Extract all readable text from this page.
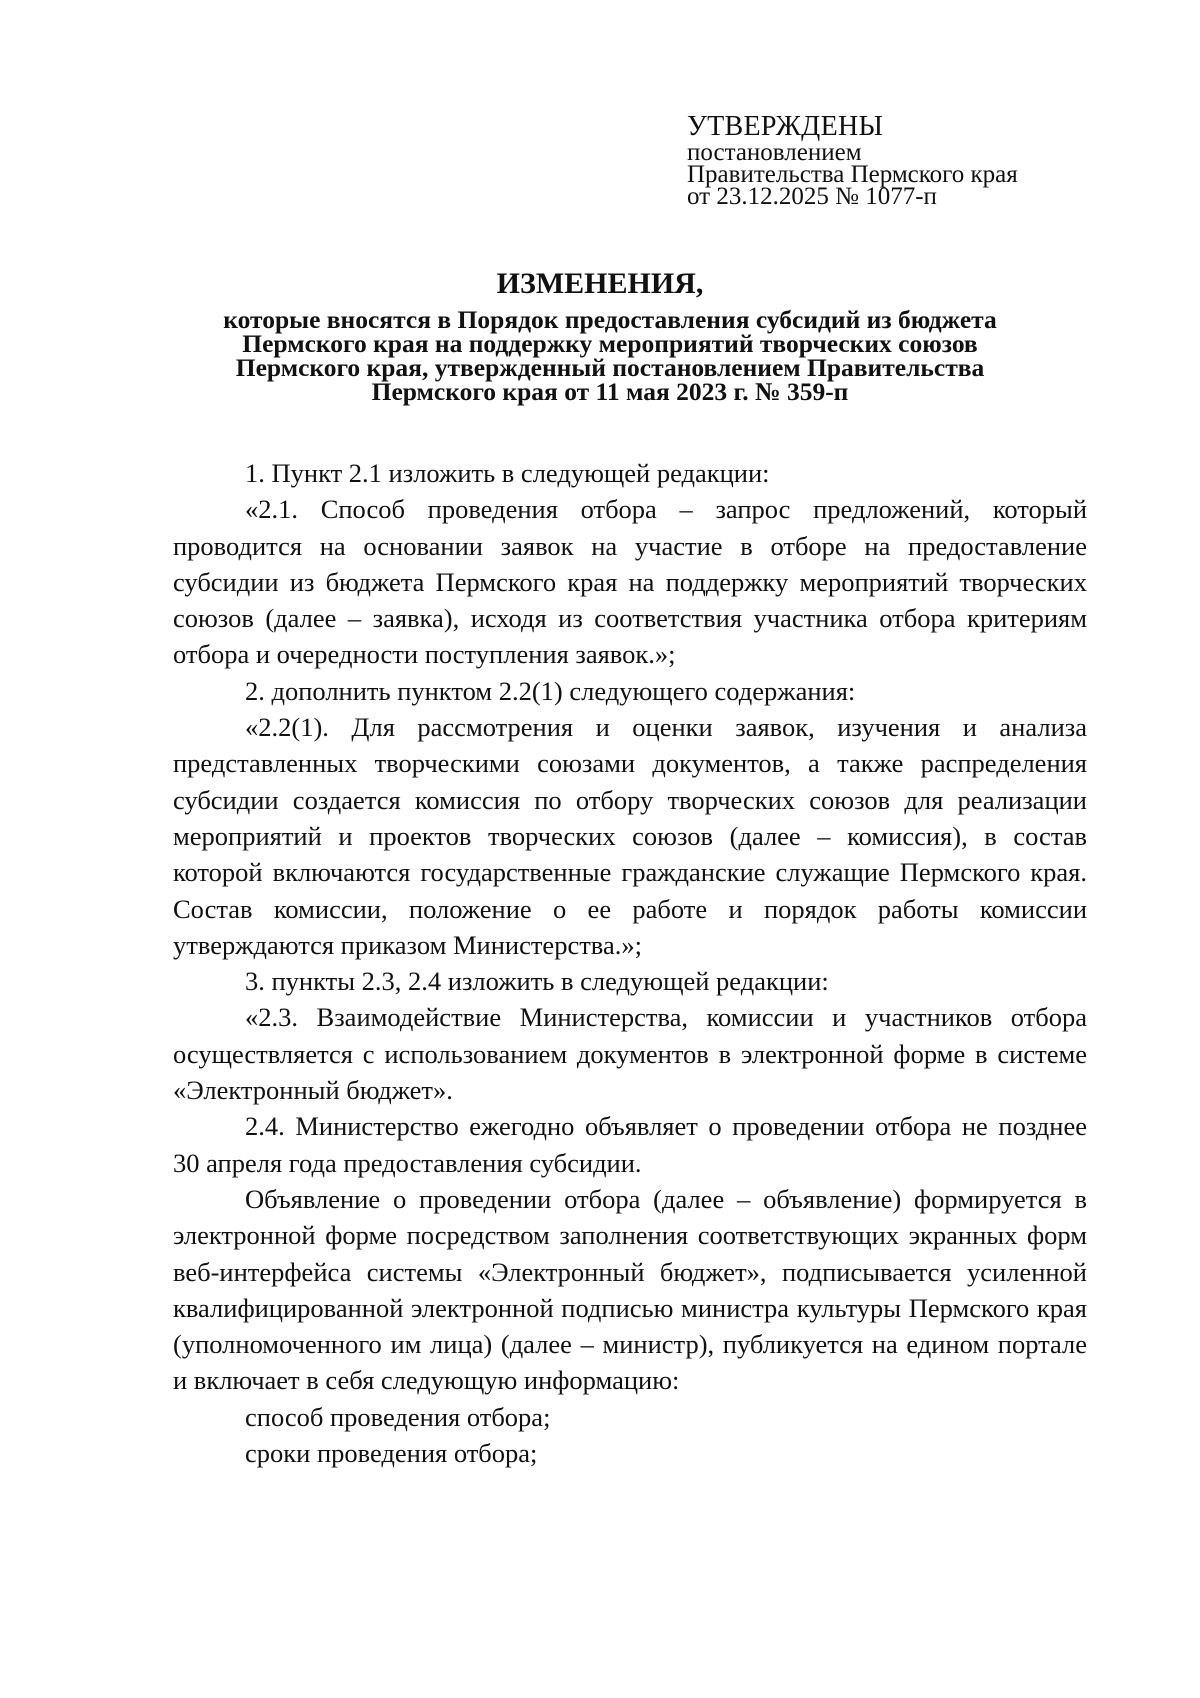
УТВЕРЖДЕНЫ
постановлением
Правительства Пермского края
от 23.12.2025 № 1077-п
ИЗМЕНЕНИЯ,
которые вносятся в Порядок предоставления субсидий из бюджета
Пермского края на поддержку мероприятий творческих союзов
Пермского края, утвержденный постановлением Правительства
Пермского края от 11 мая 2023 г. № 359-п

1. Пункт 2.1 изложить в следующей редакции:

«2.1. Способ проведения отбора – запрос предложений, который проводится на основании заявок на участие в отборе на предоставление субсидии из бюджета Пермского края на поддержку мероприятий творческих союзов (далее – заявка), исходя из соответствия участника отбора критериям отбора и очередности поступления заявок.»;

2. дополнить пунктом 2.2(1) следующего содержания:

«2.2(1). Для рассмотрения и оценки заявок, изучения и анализа представленных творческими союзами документов, а также распределения субсидии создается комиссия по отбору творческих союзов для реализации мероприятий и проектов творческих союзов (далее – комиссия), в состав которой включаются государственные гражданские служащие Пермского края. Состав комиссии, положение о ее работе и порядок работы комиссии утверждаются приказом Министерства.»;

3. пункты 2.3, 2.4 изложить в следующей редакции:

«2.3. Взаимодействие Министерства, комиссии и участников отбора осуществляется с использованием документов в электронной форме в системе «Электронный бюджет».

2.4. Министерство ежегодно объявляет о проведении отбора не позднее 30 апреля года предоставления субсидии.

Объявление о проведении отбора (далее – объявление) формируется в электронной форме посредством заполнения соответствующих экранных форм веб-интерфейса системы «Электронный бюджет», подписывается усиленной квалифицированной электронной подписью министра культуры Пермского края (уполномоченного им лица) (далее – министр), публикуется на едином портале и включает в себя следующую информацию:

способ проведения отбора;

сроки проведения отбора;
